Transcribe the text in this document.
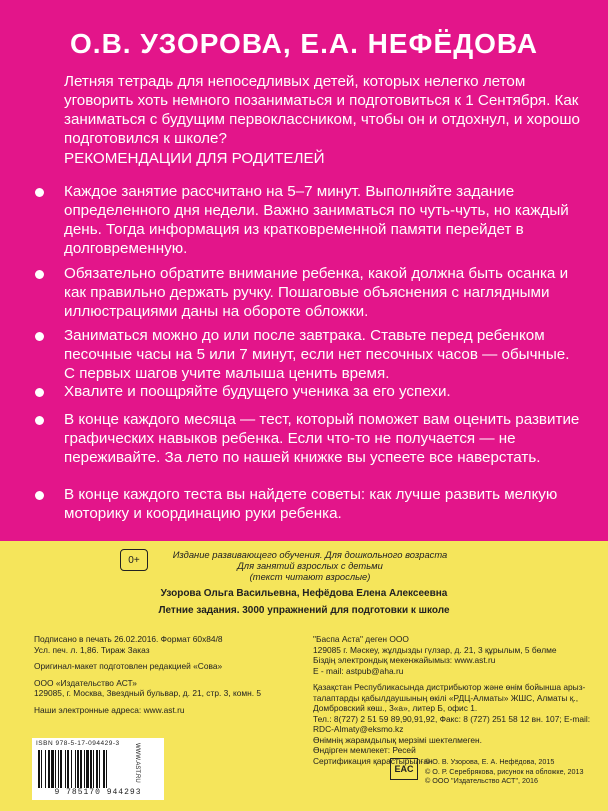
О.В. УЗОРОВА, Е.А. НЕФЁДОВА
Летняя тетрадь для непоседливых детей, которых нелегко летом уговорить хоть немного позаниматься и подготовиться к 1 Сентября. Как заниматься с будущим первоклассником, чтобы он и отдохнул, и хорошо подготовился к школе?
РЕКОМЕНДАЦИИ ДЛЯ РОДИТЕЛЕЙ
Каждое занятие рассчитано на 5–7 минут. Выполняйте задание определенного дня недели. Важно заниматься по чуть-чуть, но каждый день. Тогда информация из кратковременной памяти перейдет в долговременную.
Обязательно обратите внимание ребенка, какой должна быть осанка и как правильно держать ручку. Пошаговые объяснения с наглядными иллюстрациями даны на обороте обложки.
Заниматься можно до или после завтрака. Ставьте перед ребенком песочные часы на 5 или 7 минут, если нет песочных часов — обычные. С первых шагов учите малыша ценить время.
Хвалите и поощряйте будущего ученика за его успехи.
В конце каждого месяца — тест, который поможет вам оценить развитие графических навыков ребенка. Если что-то не получается — не переживайте. За лето по нашей книжке вы успеете все наверстать.
В конце каждого теста вы найдете советы: как лучше развить мелкую моторику и координацию руки ребенка.
0+	Издание развивающего обучения. Для дошкольного возраста
Для занятий взрослых с детьми
(текст читают взрослые)
Узорова Ольга Васильевна, Нефёдова Елена Алексеевна
Летние задания. 3000 упражнений для подготовки к школе
Подписано в печать 26.02.2016. Формат 60x84/8
Усл. печ. л. 1,86. Тираж Заказ
Оригинал-макет подготовлен редакцией «Сова»
ООО «Издательство АСТ»
129085, г. Москва, Звездный бульвар, д. 21, стр. 3, комн. 5
Наши электронные адреса: www.ast.ru
"Баспа Аста" деген ООО
129085 г. Мәскеу, жұлдызды гүлзар, д. 21, 3 құрылым, 5 бөлме
Біздің электрондық мекенжайымыз: www.ast.ru
E - mail: astpub@aha.ru
Қазақстан Республикасында дистрибьютор және өнім бойынша арыз-
талаптарды қабылдаушының өкілі «РДЦ-Алматы» ЖШС, Алматы қ.,
Домбровский көш., 3«а», литер Б, офис 1.
Тел.: 8(727) 2 51 59 89,90,91,92, Факс: 8 (727) 251 58 12 вн. 107; E-mail:
RDC-Almaty@eksmo.kz
Өнімнің жарамдылық мерзімі шектелмеген.
Өндірген мемлекет: Ресей
Сертификация қарастырылған
ISBN 978-5-17-094429-3
9 785170 944293
WWW.AST.RU	EAC
© О. В. Узорова, Е. А. Нефёдова, 2015
© О. Р. Серебрякова, рисунок на обложке, 2013
© ООО "Издательство АСТ", 2016
